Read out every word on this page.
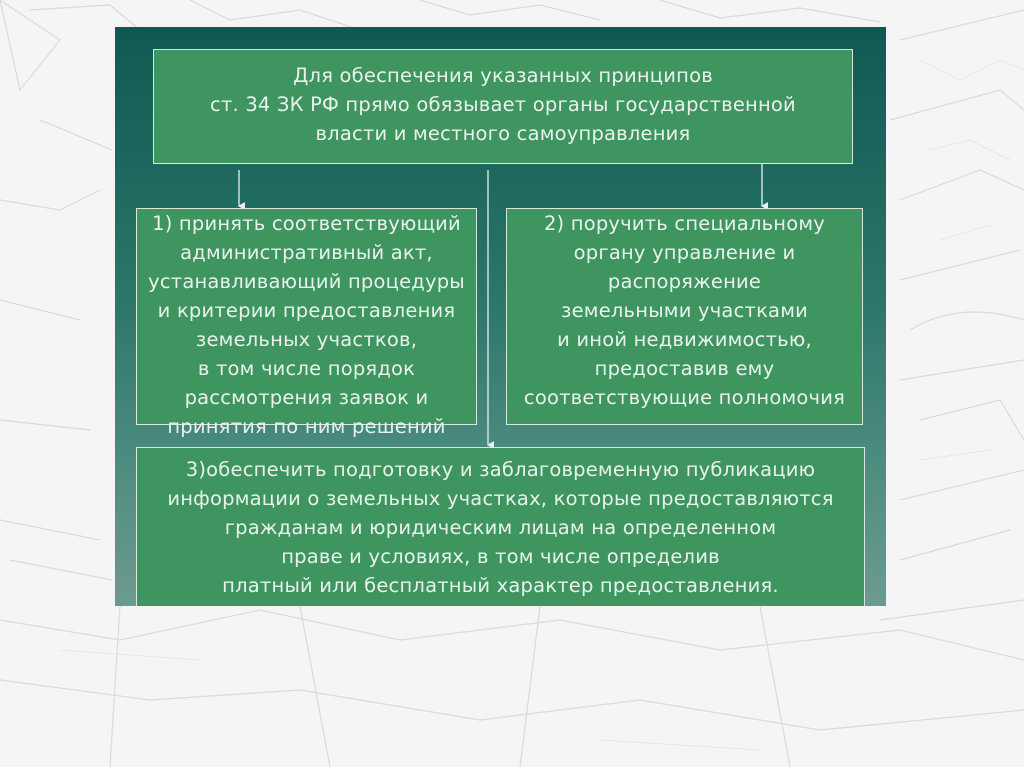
Для обеспечения указанных принципов
ст. 34 ЗК РФ прямо обязывает органы государственной
власти и местного самоуправления

1) принять соответствующий
административный акт,
устанавливающий процедуры
и критерии предоставления
земельных участков,
в том числе порядок
рассмотрения заявок и
принятия по ним решений

2) поручить специальному
органу управление и
распоряжение
земельными участками
и иной недвижимостью,
предоставив ему
соответствующие полномочия

3)обеспечить подготовку и заблаговременную публикацию
информации о земельных участках, которые предоставляются
гражданам и юридическим лицам на определенном
праве и условиях, в том числе определив
платный или бесплатный характер предоставления.
